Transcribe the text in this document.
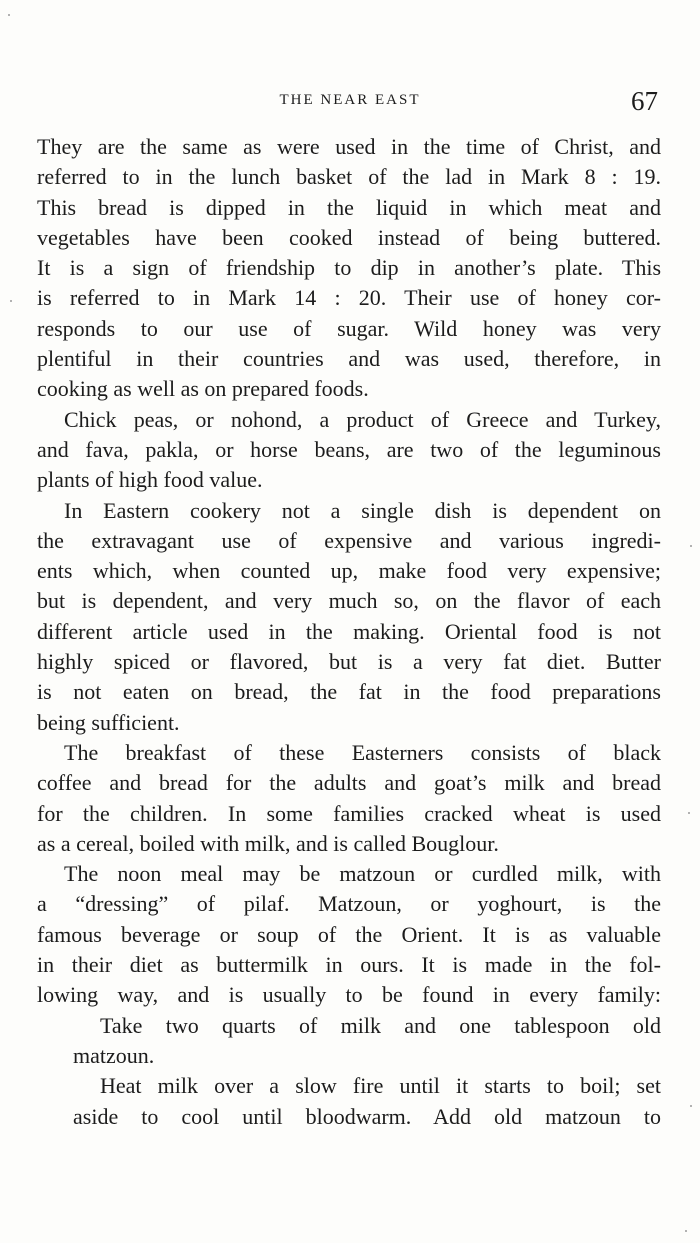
THE NEAR EAST	67
They are the same as were used in the time of Christ, and
referred to in the lunch basket of the lad in Mark 8 : 19.
This bread is dipped in the liquid in which meat and
vegetables have been cooked instead of being buttered.
It is a sign of friendship to dip in another’s plate. This
is referred to in Mark 14 : 20. Their use of honey cor-
responds to our use of sugar. Wild honey was very
plentiful in their countries and was used, therefore, in
cooking as well as on prepared foods.
Chick peas, or nohond, a product of Greece and Turkey,
and fava, pakla, or horse beans, are two of the leguminous
plants of high food value.
In Eastern cookery not a single dish is dependent on
the extravagant use of expensive and various ingredi-
ents which, when counted up, make food very expensive;
but is dependent, and very much so, on the flavor of each
different article used in the making. Oriental food is not
highly spiced or flavored, but is a very fat diet. Butter
is not eaten on bread, the fat in the food preparations
being sufficient.
The breakfast of these Easterners consists of black
coffee and bread for the adults and goat’s milk and bread
for the children. In some families cracked wheat is used
as a cereal, boiled with milk, and is called Bouglour.
The noon meal may be matzoun or curdled milk, with
a “dressing” of pilaf. Matzoun, or yoghourt, is the
famous beverage or soup of the Orient. It is as valuable
in their diet as buttermilk in ours. It is made in the fol-
lowing way, and is usually to be found in every family:
Take two quarts of milk and one tablespoon old
matzoun.
Heat milk over a slow fire until it starts to boil; set
aside to cool until bloodwarm. Add old matzoun to
